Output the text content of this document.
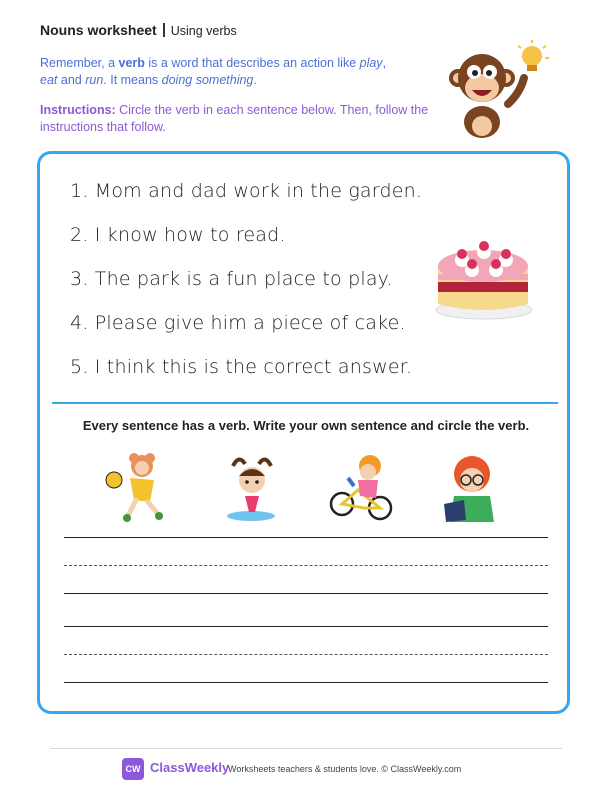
Nouns worksheet Using verbs
Remember, a verb is a word that describes an action like play, eat and run. It means doing something.
Instructions: Circle the verb in each sentence below. Then, follow the instructions that follow.
1. Mom and dad work in the garden.
2. I know how to read.
3. The park is a fun place to play.
4. Please give him a piece of cake.
5. I think this is the correct answer.
Every sentence has a verb. Write your own sentence and circle the verb.
CW ClassWeekly
Worksheets teachers & students love. © ClassWeekly.com
